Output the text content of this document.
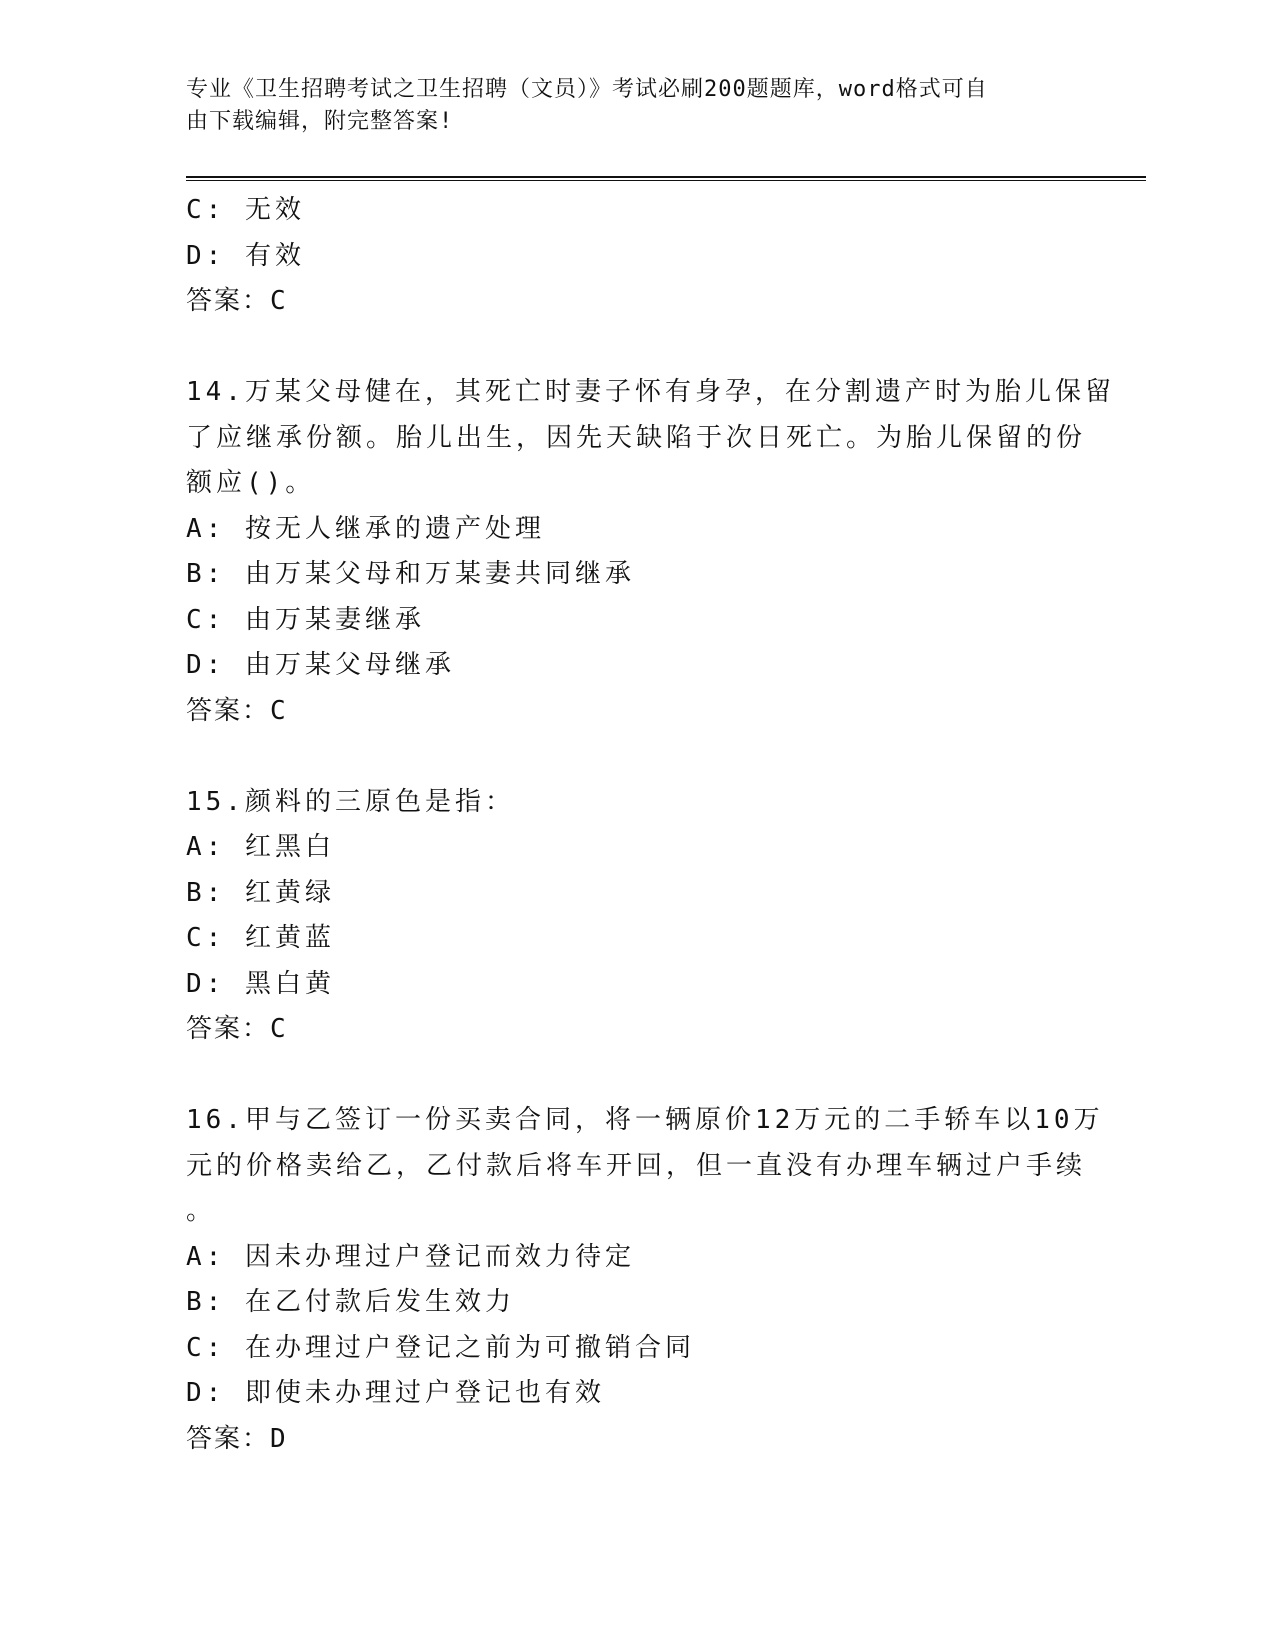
专业《卫生招聘考试之卫生招聘（文员）》考试必刷200题题库，word格式可自
由下载编辑，附完整答案!
C: 无效
D: 有效
答案：C
14.万某父母健在，其死亡时妻子怀有身孕，在分割遗产时为胎儿保留
了应继承份额。胎儿出生，因先天缺陷于次日死亡。为胎儿保留的份
额应()。
A: 按无人继承的遗产处理
B: 由万某父母和万某妻共同继承
C: 由万某妻继承
D: 由万某父母继承
答案：C
15.颜料的三原色是指：
A: 红黑白
B: 红黄绿
C: 红黄蓝
D: 黑白黄
答案：C
16.甲与乙签订一份买卖合同，将一辆原价12万元的二手轿车以10万
元的价格卖给乙，乙付款后将车开回，但一直没有办理车辆过户手续
。
A: 因未办理过户登记而效力待定
B: 在乙付款后发生效力
C: 在办理过户登记之前为可撤销合同
D: 即使未办理过户登记也有效
答案：D
